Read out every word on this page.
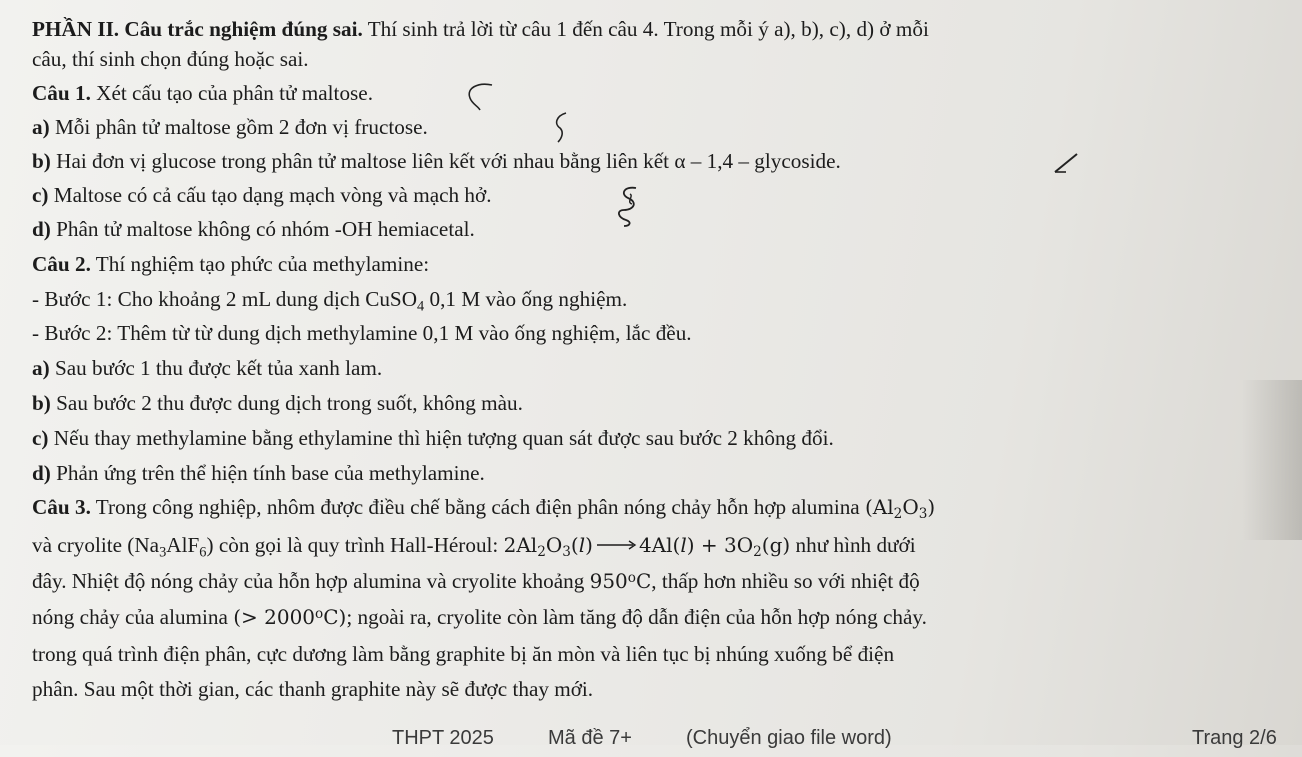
PHẦN II. Câu trắc nghiệm đúng sai. Thí sinh trả lời từ câu 1 đến câu 4. Trong mỗi ý a), b), c), d) ở mỗi
câu, thí sinh chọn đúng hoặc sai.
Câu 1. Xét cấu tạo của phân tử maltose.
a) Mỗi phân tử maltose gồm 2 đơn vị fructose.
b) Hai đơn vị glucose trong phân tử maltose liên kết với nhau bằng liên kết α – 1,4 – glycoside.
c) Maltose có cả cấu tạo dạng mạch vòng và mạch hở.
d) Phân tử maltose không có nhóm -OH hemiacetal.
Câu 2. Thí nghiệm tạo phức của methylamine:
- Bước 1: Cho khoảng 2 mL dung dịch CuSO$_4$ 0,1 M vào ống nghiệm.
- Bước 2: Thêm từ từ dung dịch methylamine 0,1 M vào ống nghiệm, lắc đều.
a) Sau bước 1 thu được kết tủa xanh lam.
b) Sau bước 2 thu được dung dịch trong suốt, không màu.
c) Nếu thay methylamine bằng ethylamine thì hiện tượng quan sát được sau bước 2 không đổi.
d) Phản ứng trên thể hiện tính base của methylamine.
Câu 3. Trong công nghiệp, nhôm được điều chế bằng cách điện phân nóng chảy hỗn hợp alumina $(Al_2O_3)$
và cryolite $(Na_3AlF_6)$ còn gọi là quy trình Hall-Héroul: $2Al_2O_3(l)\to 4Al(l) + 3O_2(g)$ như hình dưới
đây. Nhiệt độ nóng chảy của hỗn hợp alumina và cryolite khoảng 950$^o$C, thấp hơn nhiều so với nhiệt độ
nóng chảy của alumina (> $2000^oC$); ngoài ra, cryolite còn làm tăng độ dẫn điện của hỗn hợp nóng chảy.
trong quá trình điện phân, cực dương làm bằng graphite bị ăn mòn và liên tục bị nhúng xuống bể điện
phân. Sau một thời gian, các thanh graphite này sẽ được thay mới.
THPT 2025	Mã đề 7+	(Chuyển giao file word)	Trang 2/6
